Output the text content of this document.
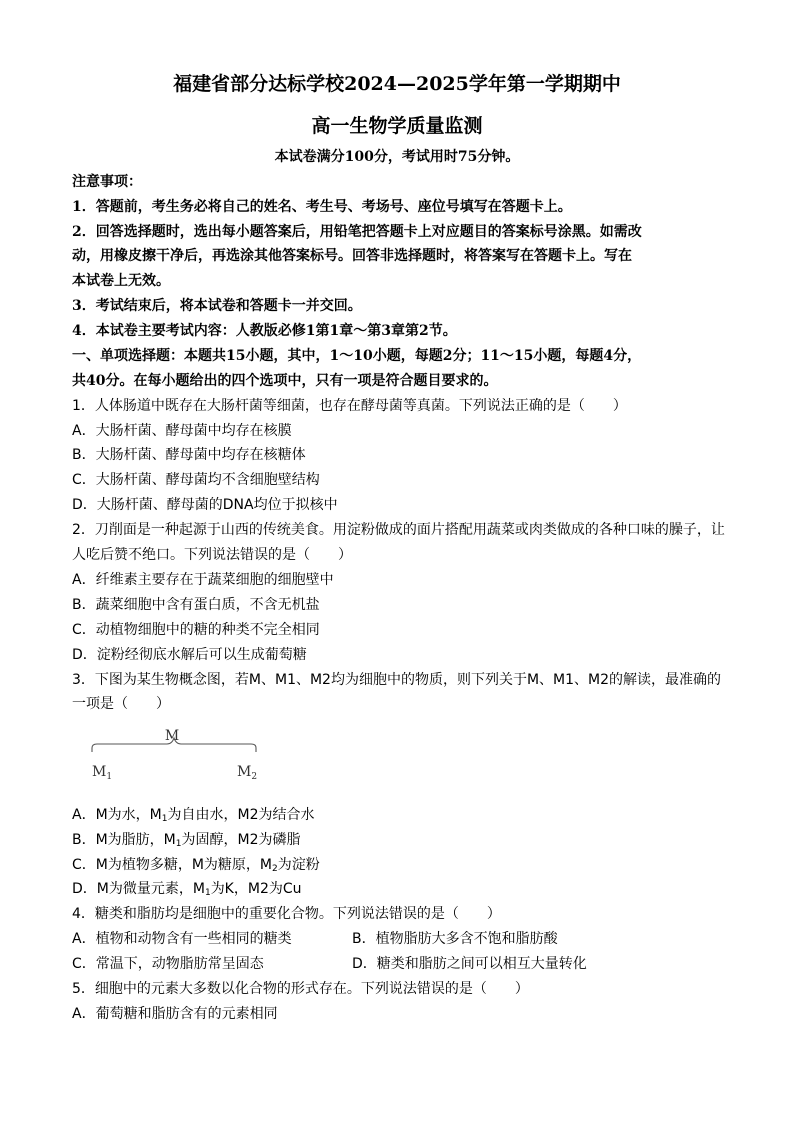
福建省部分达标学校2024—2025学年第一学期期中
高一生物学质量监测
本试卷满分100分，考试用时75分钟。
注意事项：
1．答题前，考生务必将自己的姓名、考生号、考场号、座位号填写在答题卡上。
2．回答选择题时，选出每小题答案后，用铅笔把答题卡上对应题目的答案标号涂黑。如需改
动，用橡皮擦干净后，再选涂其他答案标号。回答非选择题时，将答案写在答题卡上。写在
本试卷上无效。
3．考试结束后，将本试卷和答题卡一并交回。
4．本试卷主要考试内容：人教版必修1第1章～第3章第2节。
一、单项选择题：本题共15小题，其中，1～10小题，每题2分；11～15小题，每题4分，
共40分。在每小题给出的四个选项中，只有一项是符合题目要求的。
1．人体肠道中既存在大肠杆菌等细菌，也存在酵母菌等真菌。下列说法正确的是（　　）
A．大肠杆菌、酵母菌中均存在核膜
B．大肠杆菌、酵母菌中均存在核糖体
C．大肠杆菌、酵母菌均不含细胞壁结构
D．大肠杆菌、酵母菌的DNA均位于拟核中
2．刀削面是一种起源于山西的传统美食。用淀粉做成的面片搭配用蔬菜或肉类做成的各种口味的臊子，让
人吃后赞不绝口。下列说法错误的是（　　）
A．纤维素主要存在于蔬菜细胞的细胞壁中
B．蔬菜细胞中含有蛋白质，不含无机盐
C．动植物细胞中的糖的种类不完全相同
D．淀粉经彻底水解后可以生成葡萄糖
3．下图为某生物概念图，若M、M1、M2均为细胞中的物质，则下列关于M、M1、M2的解读，最准确的
一项是（　　）
M
$M_1$	$M_2$
A．M为水，$M_1$为自由水，M2为结合水
B．M为脂肪，$M_1$为固醇，M2为磷脂
C．M为植物多糖，M为糖原，$M_2$为淀粉
D．M为微量元素，$M_1$为K，M2为Cu
4．糖类和脂肪均是细胞中的重要化合物。下列说法错误的是（　　）
A．植物和动物含有一些相同的糖类	B．植物脂肪大多含不饱和脂肪酸
C．常温下，动物脂肪常呈固态	D．糖类和脂肪之间可以相互大量转化
5．细胞中的元素大多数以化合物的形式存在。下列说法错误的是（　　）
A．葡萄糖和脂肪含有的元素相同
